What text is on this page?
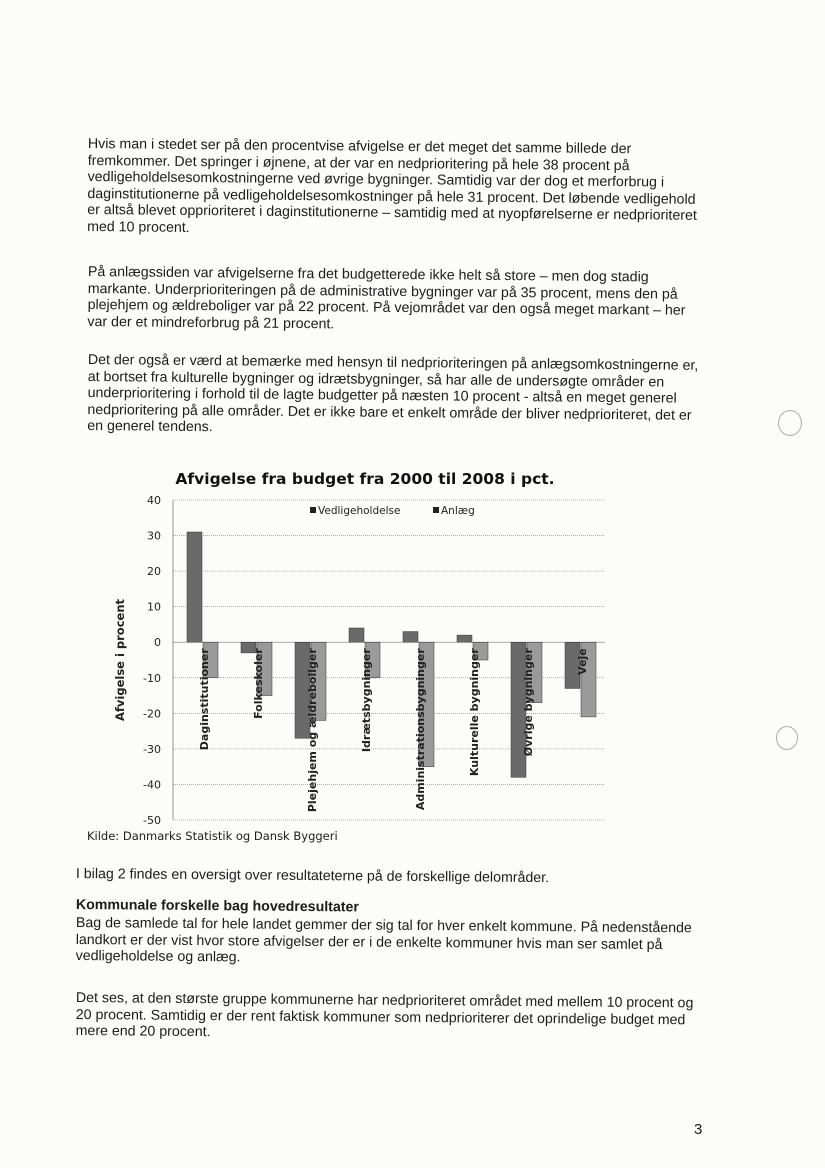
Hvis man i stedet ser på den procentvise afvigelse er det meget det samme billede der fremkommer. Det springer i øjnene, at der var en nedprioritering på hele 38 procent på vedligeholdelsesomkostningerne ved øvrige bygninger. Samtidig var der dog et merforbrug i daginstitutionerne på vedligeholdelsesomkostninger på hele 31 procent. Det løbende vedligehold er altså blevet opprioriteret i daginstitutionerne – samtidig med at nyopførelserne er nedprioriteret med 10 procent.

På anlægssiden var afvigelserne fra det budgetterede ikke helt så store – men dog stadig markante. Underprioriteringen på de administrative bygninger var på 35 procent, mens den på plejehjem og ældreboliger var på 22 procent. På vejområdet var den også meget markant – her var der et mindreforbrug på 21 procent.

Det der også er værd at bemærke med hensyn til nedprioriteringen på anlægsomkostningerne er, at bortset fra kulturelle bygninger og idrætsbygninger, så har alle de undersøgte områder en underprioritering i forhold til de lagte budgetter på næsten 10 procent - altså en meget generel nedprioritering på alle områder. Det er ikke bare et enkelt område der bliver nedprioriteret, det er en generel tendens.

Afvigelse fra budget fra 2000 til 2008 i pct.
40
30
20
10
0
-10
-20
-30
-40
-50
Afvigelse i procent
Vedligeholdelse	Anlæg
Daginstitutioner	Folkeskoler	Plejehjem og ældreboliger	Idrætsbygninger	Administrationsbygninger	Kulturelle bygninger	Øvrige bygninger	Veje

Kilde: Danmarks Statistik og Dansk Byggeri

I bilag 2 findes en oversigt over resultateterne på de forskellige delområder.

Kommunale forskelle bag hovedresultater

Bag de samlede tal for hele landet gemmer der sig tal for hver enkelt kommune. På nedenstående landkort er der vist hvor store afvigelser der er i de enkelte kommuner hvis man ser samlet på vedligeholdelse og anlæg.

Det ses, at den største gruppe kommunerne har nedprioriteret området med mellem 10 procent og 20 procent. Samtidig er der rent faktisk kommuner som nedprioriterer det oprindelige budget med mere end 20 procent.

3
